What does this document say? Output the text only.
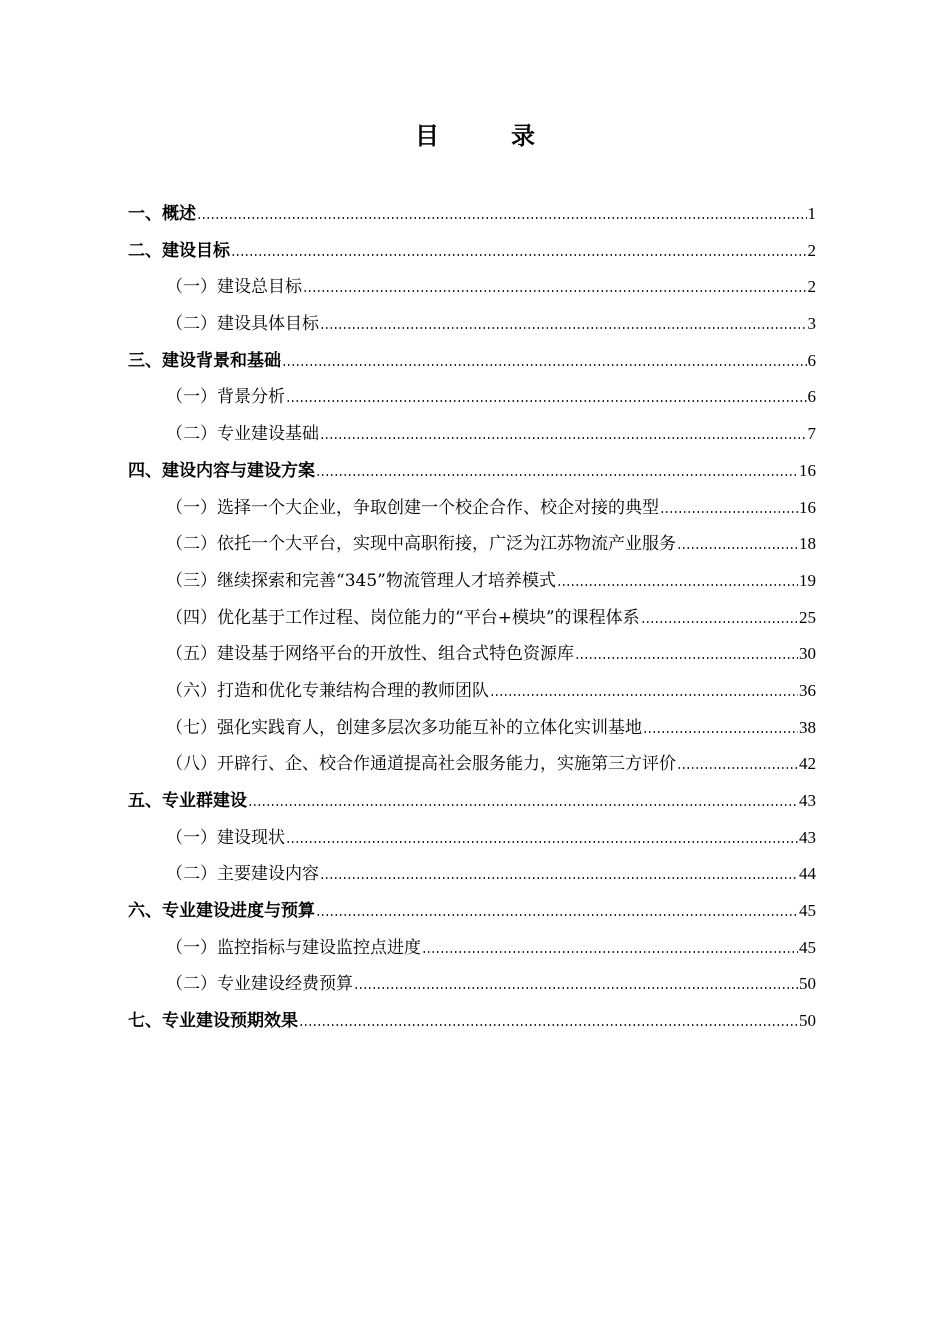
目　录
一、概述	1
二、建设目标	2
（一）建设总目标	2
（二）建设具体目标	3
三、建设背景和基础	6
（一）背景分析	6
（二）专业建设基础	7
四、建设内容与建设方案	16
（一）选择一个大企业，争取创建一个校企合作、校企对接的典型	16
（二）依托一个大平台，实现中高职衔接，广泛为江苏物流产业服务	18
（三）继续探索和完善“345”物流管理人才培养模式	19
（四）优化基于工作过程、岗位能力的“平台+模块”的课程体系	25
（五）建设基于网络平台的开放性、组合式特色资源库	30
（六）打造和优化专兼结构合理的教师团队	36
（七）强化实践育人，创建多层次多功能互补的立体化实训基地	38
（八）开辟行、企、校合作通道提高社会服务能力，实施第三方评价	42
五、专业群建设	43
（一）建设现状	43
（二）主要建设内容	44
六、专业建设进度与预算	45
（一）监控指标与建设监控点进度	45
（二）专业建设经费预算	50
七、专业建设预期效果	50
